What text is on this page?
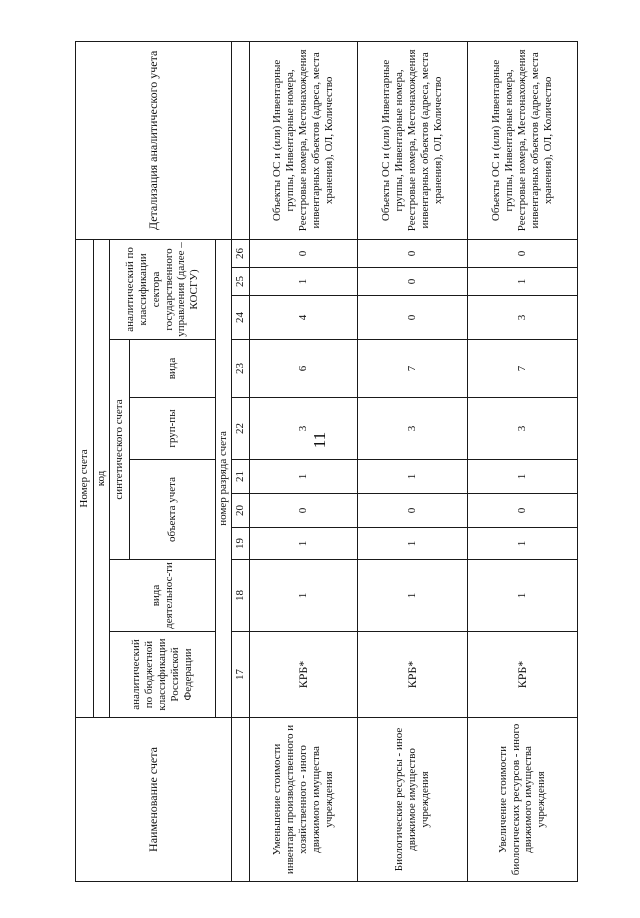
11
Наименование счета	Номер счета										Детализация аналитического учета
	код										
	аналитический по бюджетной классификации Российской Федерации	вида деятельнос-ти	синтетического счета					аналитический по классификации сектора государственного управления (далее – КОСГУ)			
			объекта учета			груп-пы	вида				
	номер разряда счета										
	17	18	19	20	21	22	23	24	25	26	
Уменьшение стоимости инвентаря производственного и хозяйственного - иного движимого имущества учреждения	КРБ*	1	1	0	1	3	6	4	1	0	Объекты ОС и (или) Инвентарные группы, Инвентарные номера, Реестровые номера, Местонахождения инвентарных объектов (адреса, места хранения), ОЛ, Количество
Биологические ресурсы - иное движимое имущество учреждения	КРБ*	1	1	0	1	3	7	0	0	0	Объекты ОС и (или) Инвентарные группы, Инвентарные номера, Реестровые номера, Местонахождения инвентарных объектов (адреса, места хранения), ОЛ, Количество
Увеличение стоимости биологических ресурсов - иного движимого имущества учреждения	КРБ*	1	1	0	1	3	7	3	1	0	Объекты ОС и (или) Инвентарные группы, Инвентарные номера, Реестровые номера, Местонахождения инвентарных объектов (адреса, места хранения), ОЛ, Количество
